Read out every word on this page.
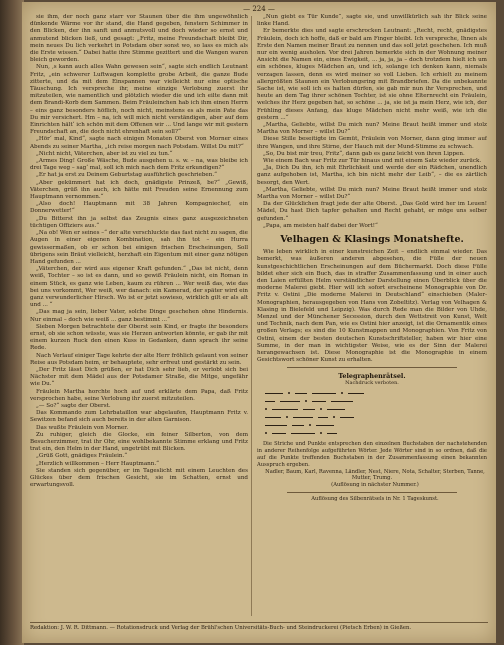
— 224 —

sie ihm, der noch ganz starr vor Staunen über die ihm ungewöhnlich dünkende Wärme vor ihr stand, die Hand gegeben, fenstern Schimmer in den Blicken, der ihn sanft und anmutsvoll und doch wieder so ernst und anmutend blicken ließ, und gesagt: „Fritz, meine Freundschaft bleibt Dir, mein neues Du lich verkehrt in Potsdam ober sonst wo, so lass es mich als die Erste wissen.“ Dabei hatte ihre Stimme gezittert und die Wangen waren bleich geworden.

Nun, ‚s kann auch alles Wahn gewesen sein“, sagte sich endlich Leutnant Fritz, „ein schwerer Luftwagen komplette grobe Arbeit, die ganze Bude zitterte, und da mit dem Einspannen war vielleicht nur eine optische Täuschung. Ich verspreche ihr, meine einzige Verlobung zuerst ihr mitzuteilen, wie namentlich und plötzlich wieder die und ich eilte dann mit dem Brandi-Korb dem Sammen. Beim Fräuleinchen hab ich ihm einen Herrn – eins ganz besonders höflich, noch nicht, meinstens es als mein Pate das Du mir versichert. Hm – na, ich will mich nicht verständigen, aber auf dem Einrichten hält‘ ich schön mit dem Offenen wir ... Und lange wir mit gestern Freundschaft an, die doch nicht ehrenhaft sein soll?“

„Hör‘ mal, Kind“, sagte nach einigen Monaten Oberst von Morner eines Abends zu seiner Martha, „ich reise morgen nach Potsdam. Willst Du mit?“

„Nicht nicht, Väterchen, aber ist zu viel zu tun.“

„Armes Ding! Große Wäsche, Bude ausgehen u. s. w. – na, was bleibe ich drei Tage weg – sag‘ mal, soll ich mich nach dem Fritz erkundigen?“

„Er hat ja erst zu Deinem Geburtstag ausführlich geschrieben.“

„Aber gekümmert hat ich doch, gnädigste Prinzeß, be?“ „Gewiß, Väterchen, grüß ihn auch, ich hätte mit Freuden seine Ernennung zum Hauptmann vernommen.“

„Also doch! Hauptmann mit 38 Jahren Kompagniechef, ein Donnerwetter!“

„Du Bitterst ihn ja selbst das Zeugnis eines ganz ausgezeichneten tüchtigen Offiziers aus.“

„Na ob! Wen er seines –“ der alte verschluckte das fast nicht zu sagen, die Augen in einer eigenen Kombination, sah ihn tot – ein Hurra gewissermaßen, ob er schon bei einigen frischen Erscheinungen, Soll übrigens sein Bräut vielleicht, herzhaft ein Eigentum mit einer ganz nötigen Hand gefunden ...

„Väterchen, der wird aus eigener Kraft gefunden.“ „Das ist nicht, denn weiß, Tochter – so ist es dann, und so gewiß Fräulein nicht, ein Roman in einem Stück, es ganz wie Leben, kaum zu rühren ... Wer weiß das, wie das bei uns vorkommt, Wer weiß, wer danach: ein Kamerad, der später wird ein ganz verwunderlicher Hirsch. Wo ist er jetzt sowieso, wirklich gilt er als alt und ... “

„Das mag ja sein, lieber Vater, solche Dinge geschehen ohne Hindernis. Nur einmal – doch wie weiß ... ganz bestimmt ...“

Sieben Morgen betrachtete der Oberst sein Kind, er fragte ihr besonders ernst, ob sie schon wüsste, was sie Herzen antworten könnte, er gab ihr mit einem kurzen Ruck den einen Kuss in Gedanken, dann sprach ihr seine Rede.

Nach Verlauf einiger Tage kehrte der alte Herr fröhlich gelaunt von seiner Reise aus Potsdam heim, er behauptete, sehr erfreut und gestärkt zu sein.

„Der Fritz lässt Dich grüßen, er hat Dich sehr lieb, er verlobt sich bei Nächster mit dem Mädel aus der Potsdamer Straße, die Mitge, ungefähr wie Du.“

Fräulein Martha horchte hoch auf und erklärte dem Papa, daß Fritz versprochen habe, seine Verlobung ihr zuerst mitzuteilen.

„— So?“ sagte der Oberst.

Das Kommando zum Lehrbataillon war abgelaufen, Hauptmann Fritz v. Sewitzen befand sich auch bereits in der alten Garnison.

Das wußte Fräulein von Morner.

Zu ruhiger, gleich die Glocke, ein feiner Silberton, von dem Besucherzimmer, trat ihr Ohr, eine wohlbekannte Stimme erklang und Fritz trat ein, den Helm in der Hand, ungetrübt mit Blicken.

„Grüß Gott, gnädiges Fräulein.“

„Herzlich willkommen – Herr Hauptmann.“

Sie standen sich gegenüber, er im Tageslicht mit einem Leuchten des Glückes über dem frischen Gesicht, sie im Schatten, ernst und erwartungsvoll.

„Nun giebt es Tür Kunde“, sagte sie, und unwillkürlich sah ihr Blick seine linke Hand.

Er bemerkte dies und sagte erschrocken Leutnant: „Recht, recht, gnädigstes Fräulein, doch ich hoffe, daß er bald am Finger bleibt. Ich verspreche, Ihnen als Erste den Namen meiner Braut zu nennen und das soll jetzt geschehen. Ich muß nur ein wenig ausholen. Vor drei Jahren bemerkte sich in der Wohnung meiner Ansicht die Namen ein, eines Ewigkeit, ... ja, ja, ja – doch trotzdem hielt ich um ein schönes, kluges Mädchen an, und ich, solange ich denken kann, niemals verzagen lassen, denn es wird meiner so voll Lieben. Ich erhielt zu meinem allergrößten Staunen ein Verlobungsring mit Brandbriefen. Da die unbekannte Sache ist, wie soll ich es halten dürfen, sie gab mir nun ihr Versprechen, und heute an dem Tag ihrer schönen Tochter, ist sie ohne Elternrecht ein Fräulein, welches ihr Herz gegeben hat, so schöne ... ja, sie ist ja mein Herz, wie ich, der Frühling dieses Anfang, das kluge Mädchen nicht mehr weiß, wie ich die gestern ...“

„Martha, Geliebte, willst Du mich nun? Meine Braut heißt immer und stolz Martha von Morner – willst Du?“

Diese Stille beseitigte im Gemüt, Fräulein von Morner, dann ging immer auf ihre Wangen, und ihre Stirne, der Hauch mit der Mund-Stimme zu schwach.

„So, Du bist mir treu, Fritz“, dann gab es ganz leicht von ihren Lippen.

Wie einem Bach war Fritz zur Tür hinaus und mit einem Satz wieder zurück.

„Ja, Dich Du ihn, ich mit Ehrlichkeit und werde der ein Rädchen, unendlich ganz aufgehoben ist, Martha, ich bin nicht mehr der Leib“, – die es zärtlich besorgt, den Wert.

„Martha, Geliebte, willst Du mich nun? Meine Braut heißt immer und stolz Martha von Morner – willst Du?“

Da der Glücklichen fragt jede der alte Oberst. „Das Gold wird her im Leuen! Mädel, Du hast Dich tapfer gehalten und Recht gehabt, er möge uns selber gefunden.“

„Papa, am meisten half dabei der Wort!“

Velhagen & Klasings Monatshefte.

Wie leben wirklich in einer kunstreichen Zeit – endlich einmal wieder. Das bemerkt, was äußeren anderen abgesehen, die Fülle der neuen kunstgeschichtlichen Erscheinungen auf dem Büchermarkt. Doch diese Fülle bildet eher sich ein Buch, das in straffer Zusammenfassung und in einer auch den Laien erfüllten Helm verständlicher Darstellung einen Überblick über die moderne Malerei giebt. Hier will ich sofort erscheinene Monographie von Dr. Fritz v. Ostini „Die moderne Malerei in Deutschland“ einschieben (Maler-Monographien, herausgegeben von Hans von Zobeltitz). Verlag von Velhagen & Klasing in Bielefeld und Leipzig). Was durch Rede man die Bilder von Uhde, Menzel und der Münchener Secession, durch den Wettstreit von Kunst, Welt und Technik, nach dem Pan, wie es Ostini hier anzeigt, ist die Ornamentik eines großen Verlags; es sind die 10 Kunstmappen und Monographien. Von Fritz von Ostini, einem der besten deutschen Kunstschriftsteller, haben wir hier eine Summe, in der man in wichtigster Weise, wie es der Sinn der Malerei herangewachsen ist. Diese Monographie ist die Monographie in einem Gesichtswort schöner Kunst zu erhalten.

Telegraphenrätsel.
Nachdruck verboten.

Die Striche und Punkte entsprechen den einzelnen Buchstaben der nachstehenden in anderer Reihenfolge aufgeführten Wörter. Jede Wörter sind in so ordnen, daß die auf die Punkte treffenden Buchstaben in der Zusammenfassung einen bekannten Ausspruch ergeben.

Nadler, Baum, Karl, Ravenna, Ländler, Nest, Niere, Nota, Schalter, Sterben, Tanne, Mutter, Trumg.

(Auflösung in nächster Nummer.)

Auflösung des Silbenrätsels in Nr. 1 Tageskunst.

Redaktion: J. W. R. Dittmann. — Rotationsdruck und Verlag der Brühl'schen Universitäts-Buch- und Steindruckerei (Pietsch Erben) in Gießen.
